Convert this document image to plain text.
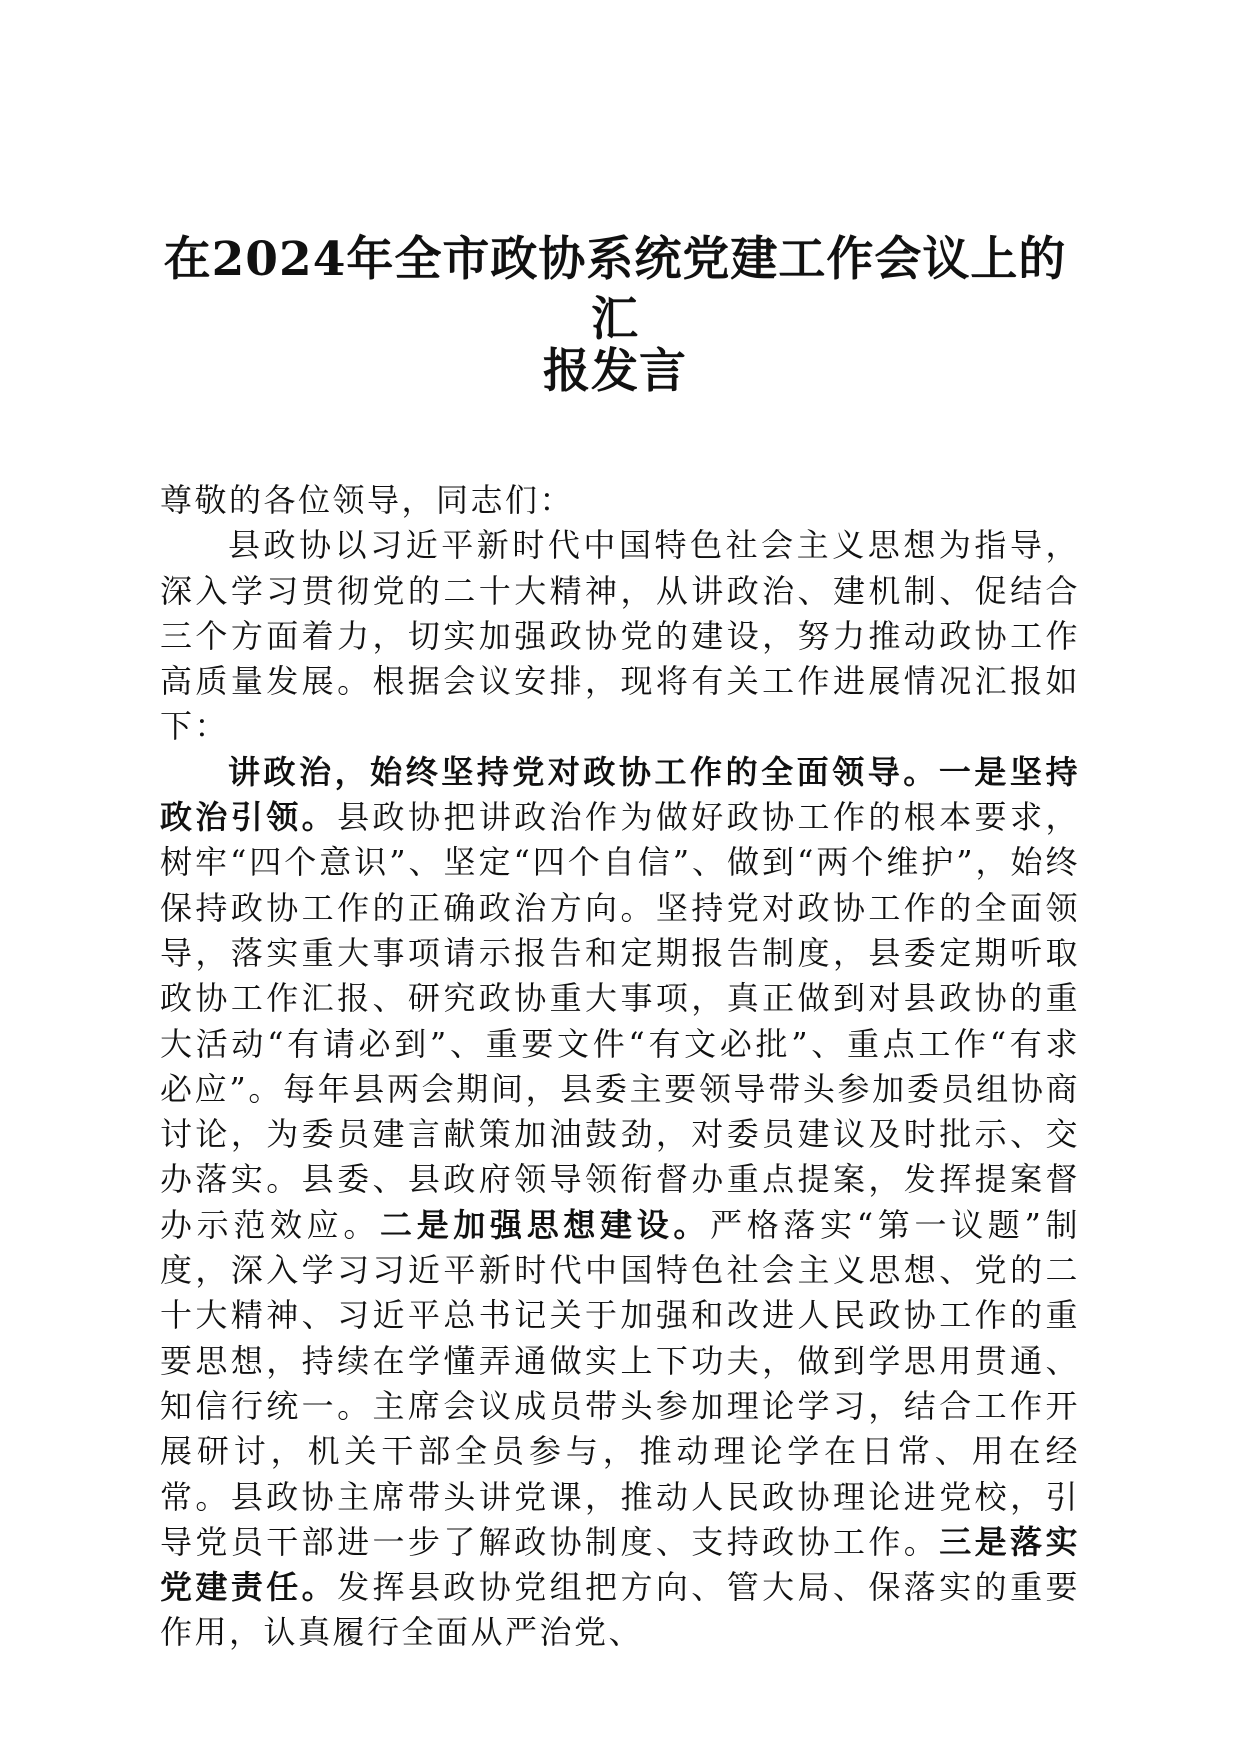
在2024年全市政协系统党建工作会议上的汇
报发言

尊敬的各位领导，同志们：

县政协以习近平新时代中国特色社会主义思想为指导，深入学习贯彻党的二十大精神，从讲政治、建机制、促结合三个方面着力，切实加强政协党的建设，努力推动政协工作高质量发展。根据会议安排，现将有关工作进展情况汇报如下：

讲政治，始终坚持党对政协工作的全面领导。一是坚持政治引领。县政协把讲政治作为做好政协工作的根本要求，树牢“四个意识”、坚定“四个自信”、做到“两个维护”，始终保持政协工作的正确政治方向。坚持党对政协工作的全面领导，落实重大事项请示报告和定期报告制度，县委定期听取政协工作汇报、研究政协重大事项，真正做到对县政协的重大活动“有请必到”、重要文件“有文必批”、重点工作“有求必应”。每年县两会期间，县委主要领导带头参加委员组协商讨论，为委员建言献策加油鼓劲，对委员建议及时批示、交办落实。县委、县政府领导领衔督办重点提案，发挥提案督办示范效应。二是加强思想建设。严格落实“第一议题”制度，深入学习习近平新时代中国特色社会主义思想、党的二十大精神、习近平总书记关于加强和改进人民政协工作的重要思想，持续在学懂弄通做实上下功夫，做到学思用贯通、知信行统一。主席会议成员带头参加理论学习，结合工作开展研讨，机关干部全员参与，推动理论学在日常、用在经常。县政协主席带头讲党课，推动人民政协理论进党校，引导党员干部进一步了解政协制度、支持政协工作。三是落实党建责任。发挥县政协党组把方向、管大局、保落实的重要作用，认真履行全面从严治党、
